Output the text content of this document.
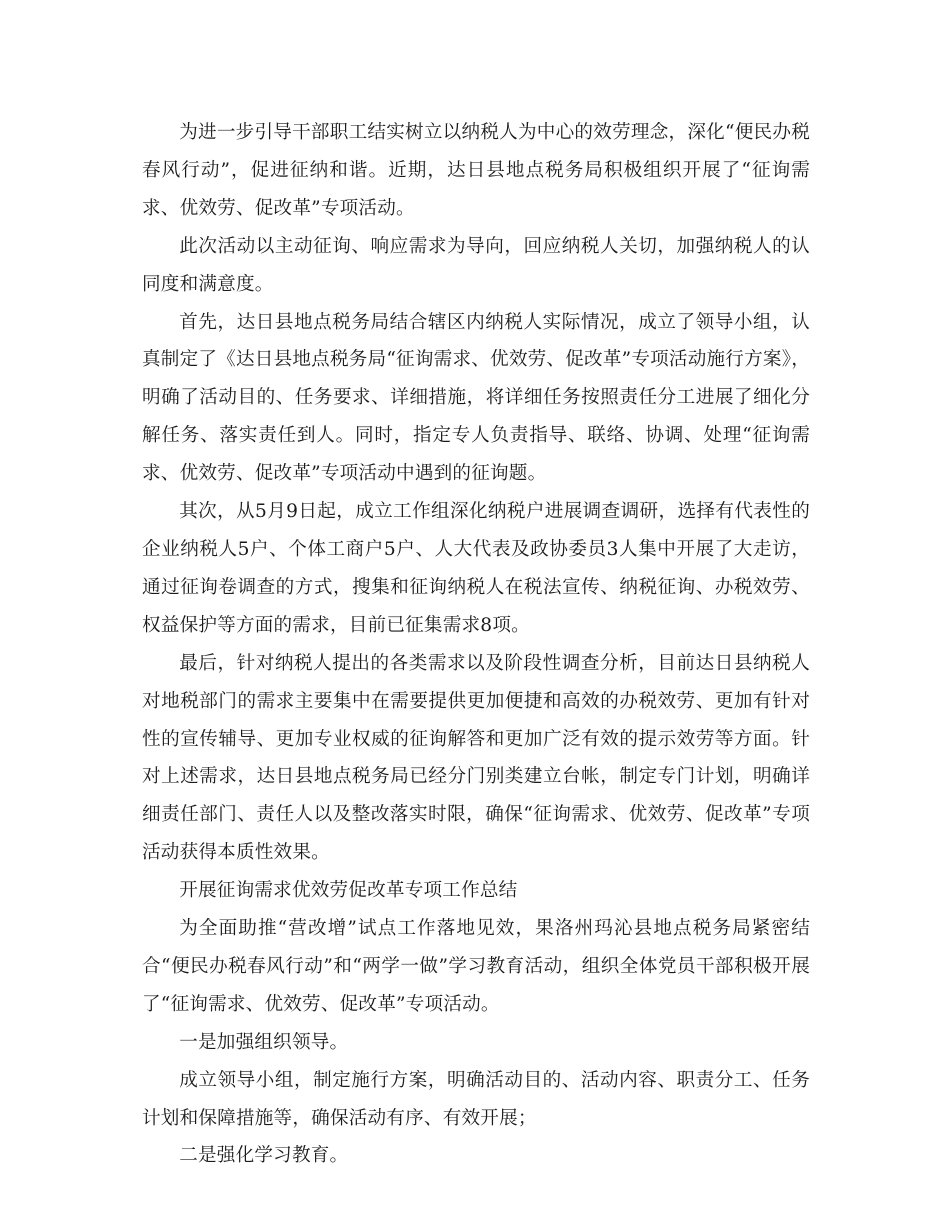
为进一步引导干部职工结实树立以纳税人为中心的效劳理念，深化“便民办税春风行动”，促进征纳和谐。近期，达日县地点税务局积极组织开展了“征询需求、优效劳、促改革”专项活动。

此次活动以主动征询、响应需求为导向，回应纳税人关切，加强纳税人的认同度和满意度。

首先，达日县地点税务局结合辖区内纳税人实际情况，成立了领导小组，认真制定了《达日县地点税务局“征询需求、优效劳、促改革”专项活动施行方案》，明确了活动目的、任务要求、详细措施，将详细任务按照责任分工进展了细化分解任务、落实责任到人。同时，指定专人负责指导、联络、协调、处理“征询需求、优效劳、促改革”专项活动中遇到的征询题。

其次，从5月9日起，成立工作组深化纳税户进展调查调研，选择有代表性的企业纳税人5户、个体工商户5户、人大代表及政协委员3人集中开展了大走访，通过征询卷调查的方式，搜集和征询纳税人在税法宣传、纳税征询、办税效劳、权益保护等方面的需求，目前已征集需求8项。

最后，针对纳税人提出的各类需求以及阶段性调查分析，目前达日县纳税人对地税部门的需求主要集中在需要提供更加便捷和高效的办税效劳、更加有针对性的宣传辅导、更加专业权威的征询解答和更加广泛有效的提示效劳等方面。针对上述需求，达日县地点税务局已经分门别类建立台帐，制定专门计划，明确详细责任部门、责任人以及整改落实时限，确保“征询需求、优效劳、促改革”专项活动获得本质性效果。

开展征询需求优效劳促改革专项工作总结

为全面助推“营改增”试点工作落地见效，果洛州玛沁县地点税务局紧密结合“便民办税春风行动”和“两学一做”学习教育活动，组织全体党员干部积极开展了“征询需求、优效劳、促改革”专项活动。

一是加强组织领导。

成立领导小组，制定施行方案，明确活动目的、活动内容、职责分工、任务计划和保障措施等，确保活动有序、有效开展；

二是强化学习教育。
